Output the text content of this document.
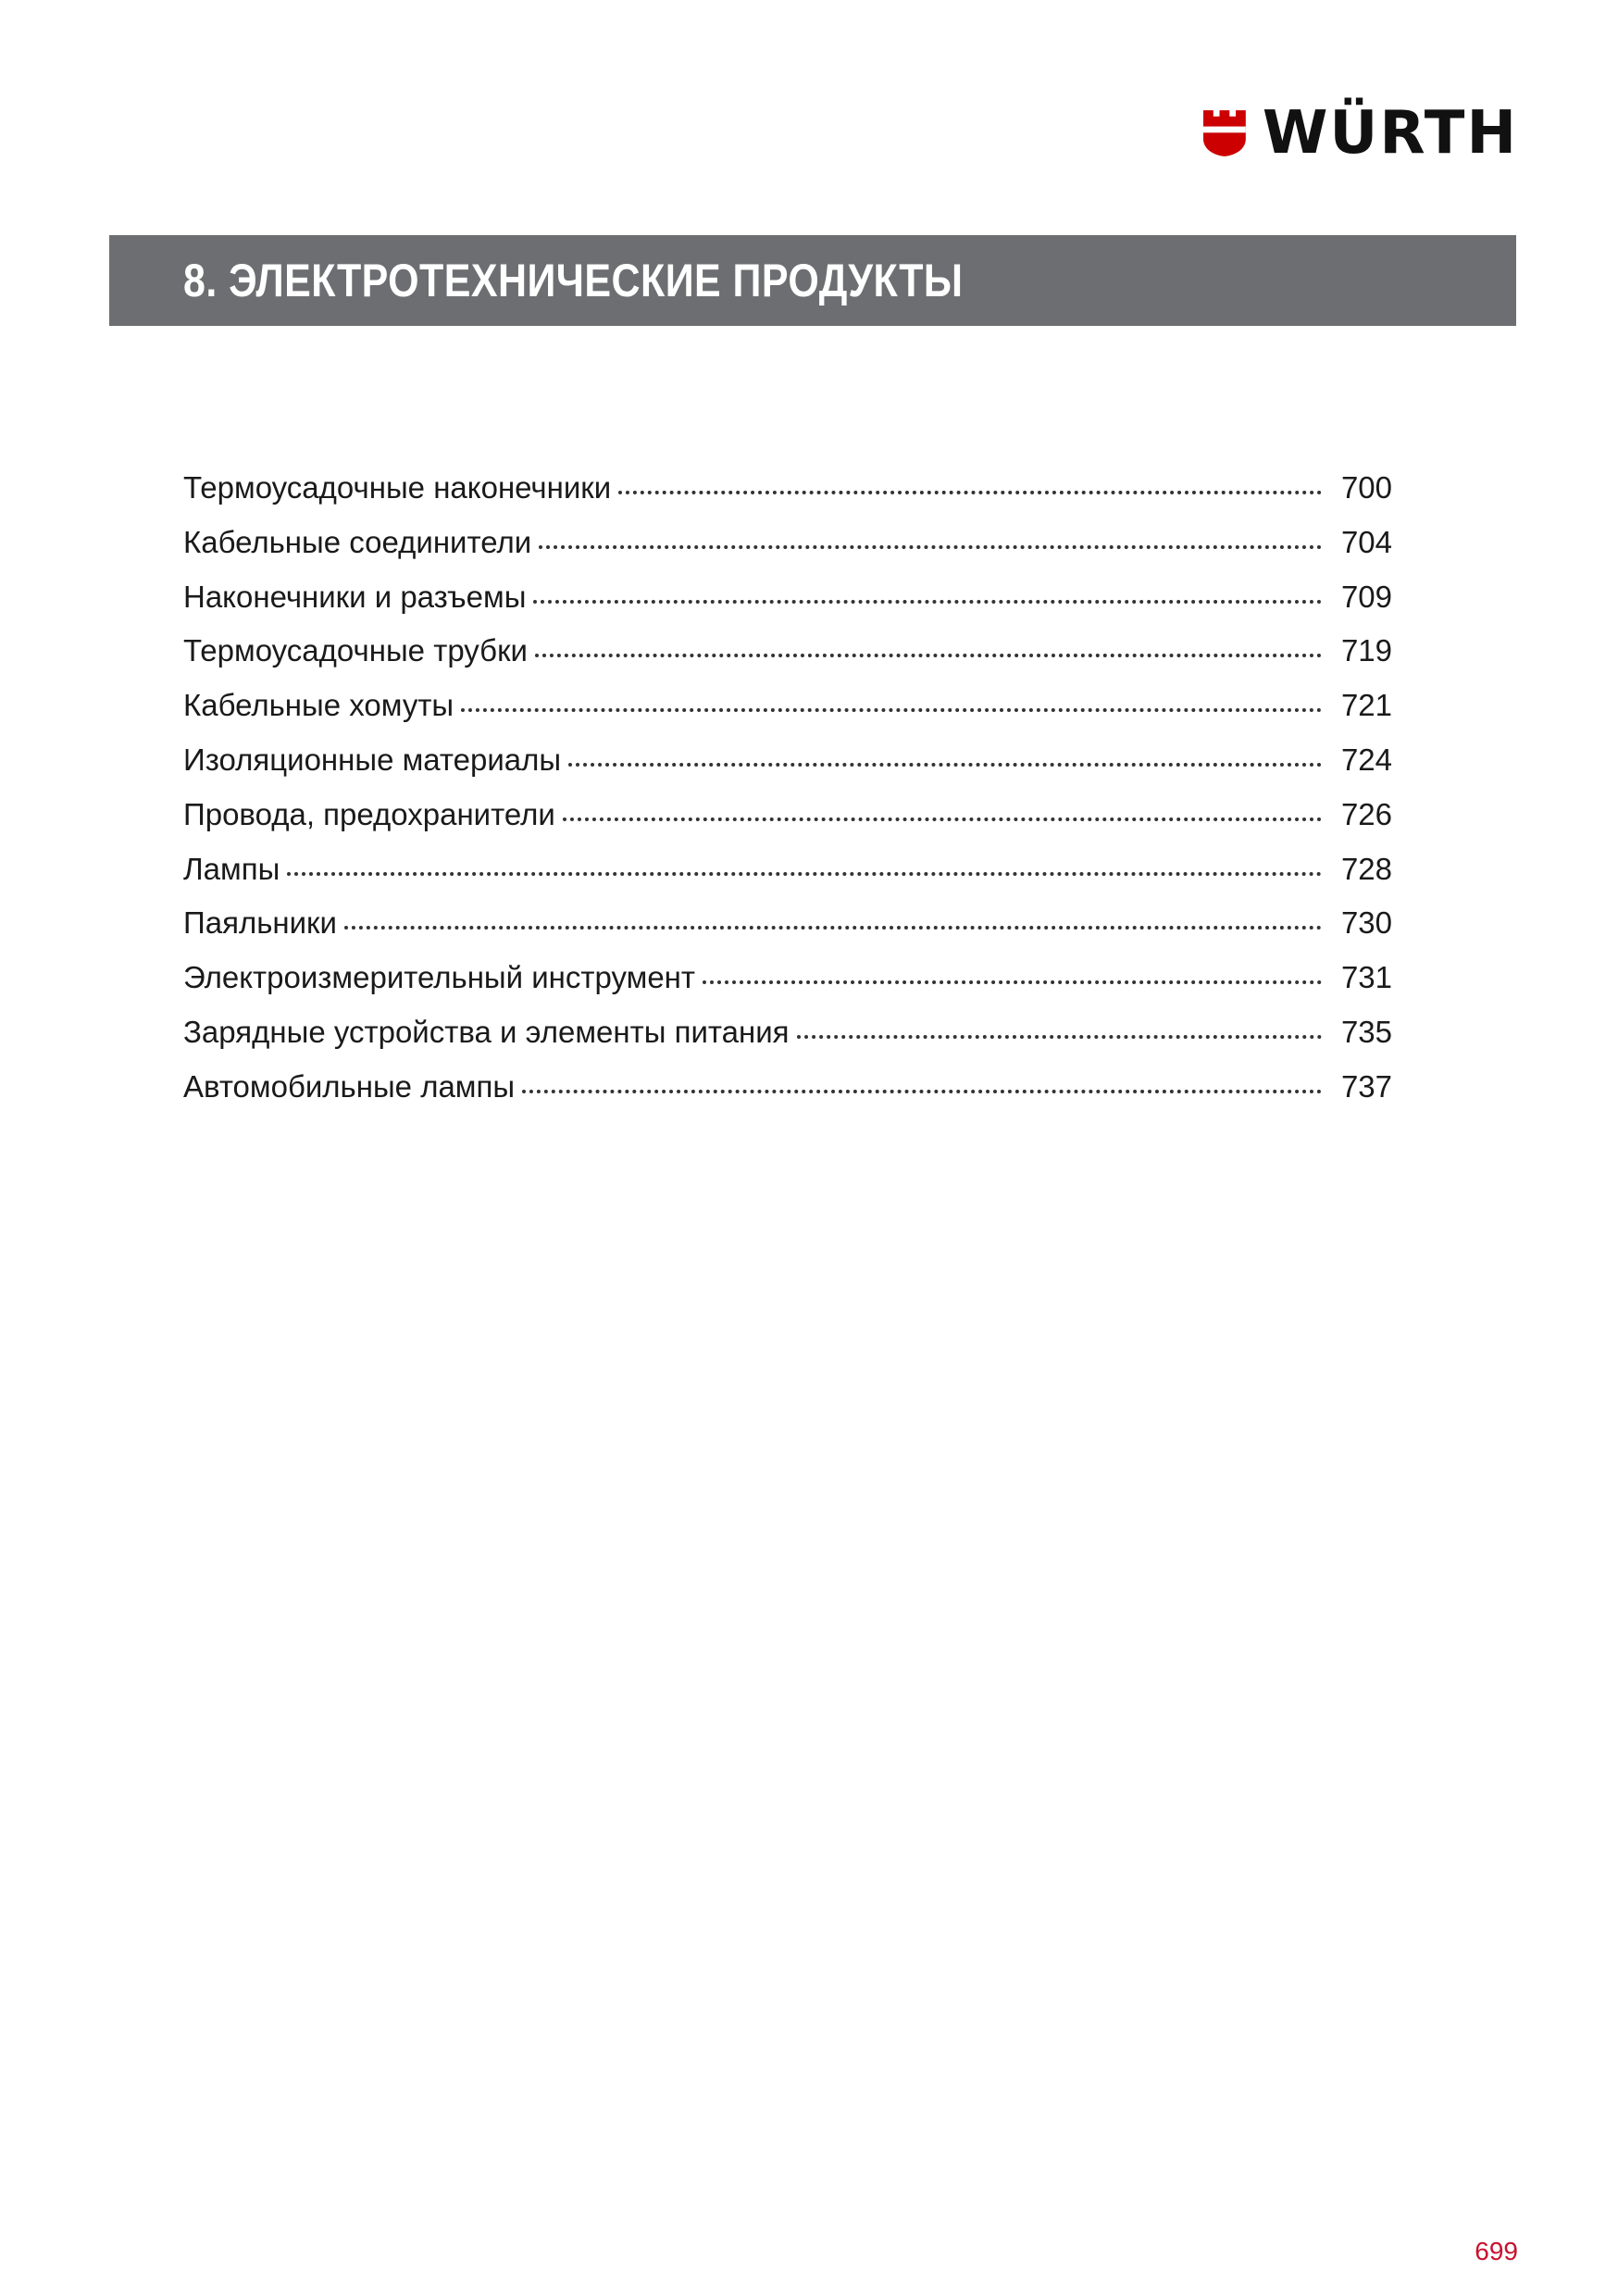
WÜRTH
8. ЭЛЕКТРОТЕХНИЧЕСКИЕ ПРОДУКТЫ
Термоусадочные наконечники	700
Кабельные соединители	704
Наконечники и разъемы	709
Термоусадочные трубки	719
Кабельные хомуты	721
Изоляционные материалы	724
Провода, предохранители	726
Лампы	728
Паяльники	730
Электроизмерительный инструмент	731
Зарядные устройства и элементы питания	735
Автомобильные лампы	737
699
